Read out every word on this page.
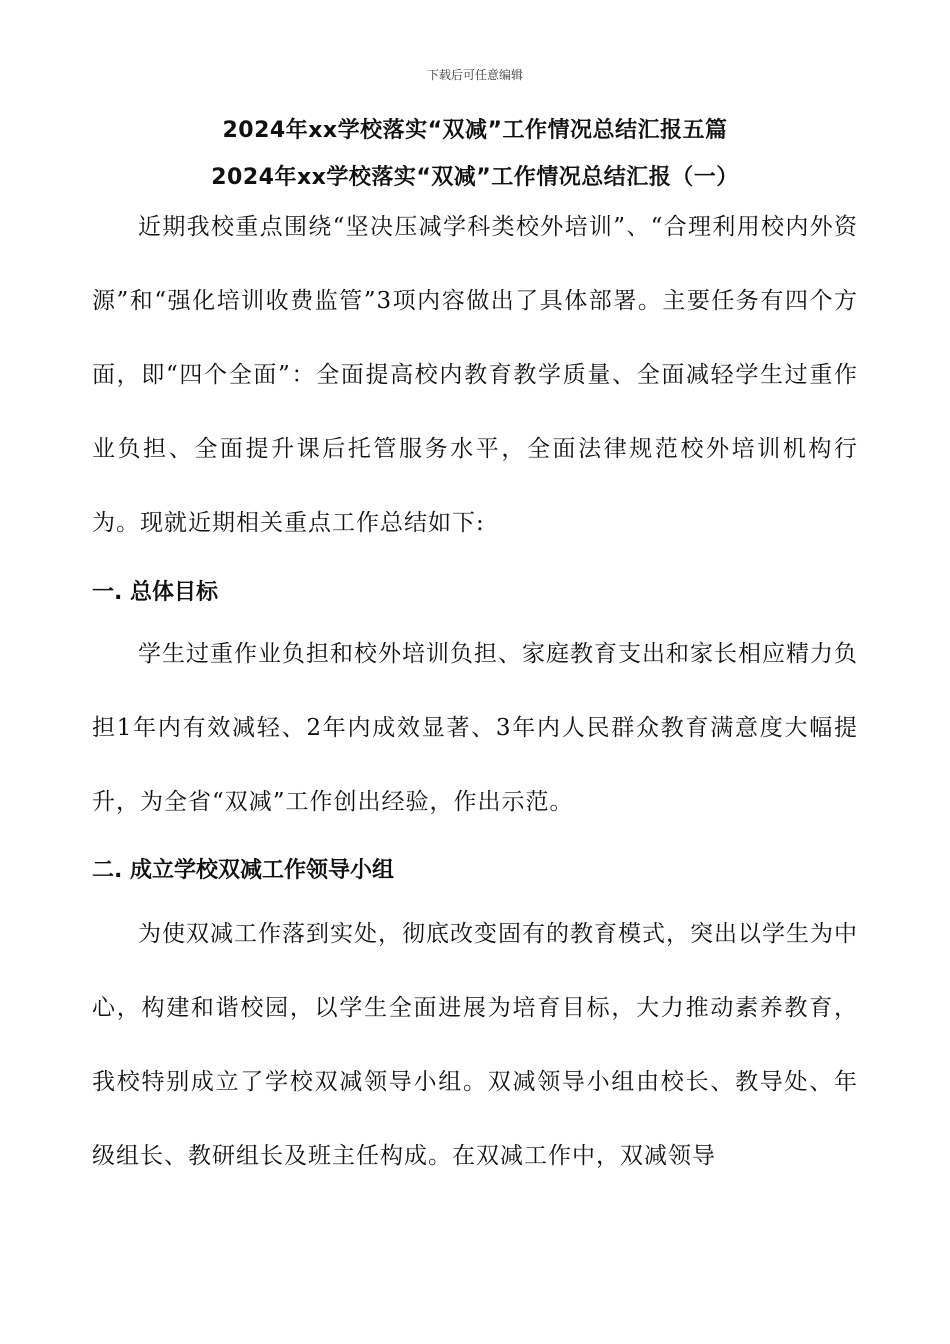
下载后可任意编辑
2024年xx学校落实“双减”工作情况总结汇报五篇
2024年xx学校落实“双减”工作情况总结汇报（一）
近期我校重点围绕“坚决压减学科类校外培训”、“合理利用校内外资源”和“强化培训收费监管”3项内容做出了具体部署。主要任务有四个方面，即“四个全面”：全面提高校内教育教学质量、全面减轻学生过重作业负担、全面提升课后托管服务水平，全面法律规范校外培训机构行为。现就近期相关重点工作总结如下:
一. 总体目标
学生过重作业负担和校外培训负担、家庭教育支出和家长相应精力负担1年内有效减轻、2年内成效显著、3年内人民群众教育满意度大幅提升，为全省“双减”工作创出经验，作出示范。
二. 成立学校双减工作领导小组
为使双减工作落到实处，彻底改变固有的教育模式，突出以学生为中心，构建和谐校园，以学生全面进展为培育目标，大力推动素养教育，我校特别成立了学校双减领导小组。双减领导小组由校长、教导处、年级组长、教研组长及班主任构成。在双减工作中，双减领导
